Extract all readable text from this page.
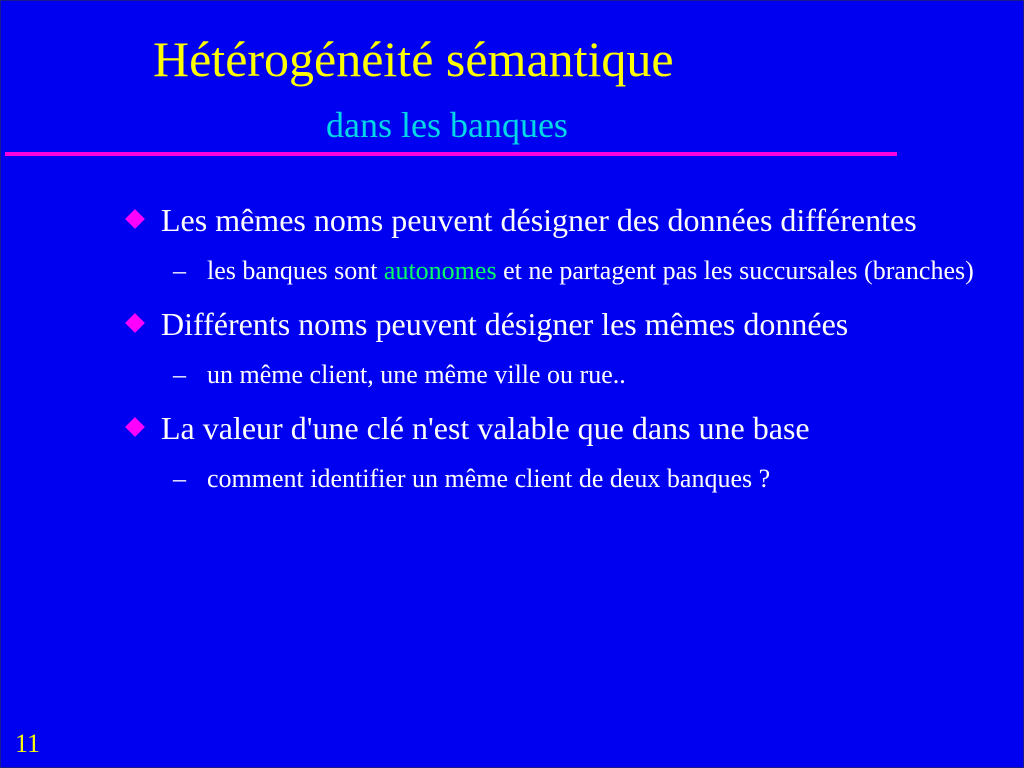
Hétérogénéité sémantique
dans les banques
Les mêmes noms peuvent désigner des données différentes
– les banques sont autonomes et ne partagent pas les succursales (branches)
Différents noms peuvent désigner les mêmes données
– un même client, une même ville ou rue..
La valeur d'une clé n'est valable que dans une base
– comment identifier un même client de deux banques ?
11
